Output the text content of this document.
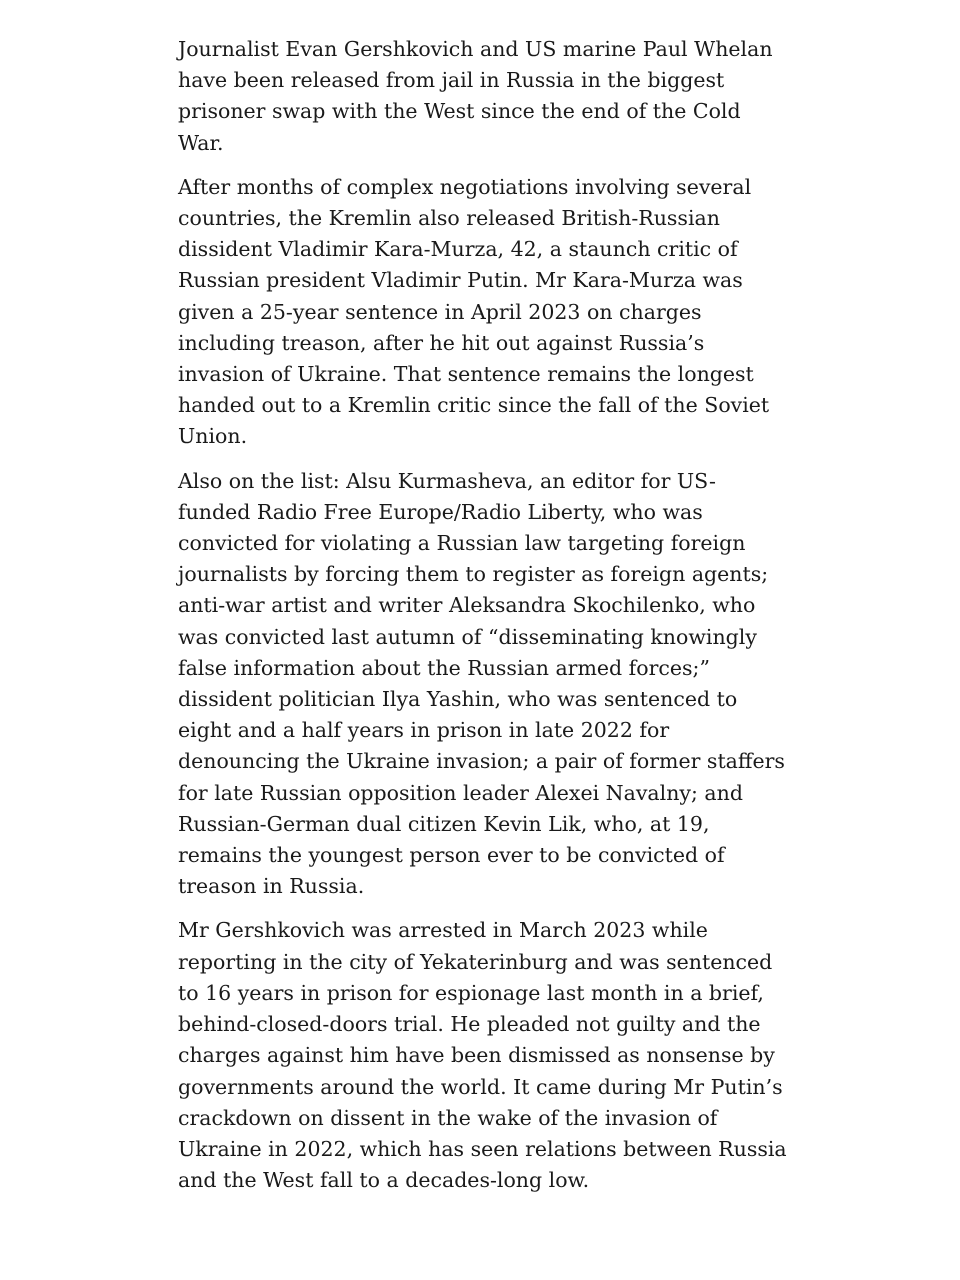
Journalist Evan Gershkovich and US marine Paul Whelan have been released from jail in Russia in the biggest prisoner swap with the West since the end of the Cold War.

After months of complex negotiations involving several countries, the Kremlin also released British-Russian dissident Vladimir Kara-Murza, 42, a staunch critic of Russian president Vladimir Putin. Mr Kara-Murza was given a 25-year sentence in April 2023 on charges including treason, after he hit out against Russia’s invasion of Ukraine. That sentence remains the longest handed out to a Kremlin critic since the fall of the Soviet Union.

Also on the list: Alsu Kurmasheva, an editor for US-funded Radio Free Europe/Radio Liberty, who was convicted for violating a Russian law targeting foreign journalists by forcing them to register as foreign agents; anti-war artist and writer Aleksandra Skochilenko, who was convicted last autumn of “disseminating knowingly false information about the Russian armed forces;” dissident politician Ilya Yashin, who was sentenced to eight and a half years in prison in late 2022 for denouncing the Ukraine invasion; a pair of former staffers for late Russian opposition leader Alexei Navalny; and Russian-German dual citizen Kevin Lik, who, at 19, remains the youngest person ever to be convicted of treason in Russia.

Mr Gershkovich was arrested in March 2023 while reporting in the city of Yekaterinburg and was sentenced to 16 years in prison for espionage last month in a brief, behind-closed-doors trial. He pleaded not guilty and the charges against him have been dismissed as nonsense by governments around the world. It came during Mr Putin’s crackdown on dissent in the wake of the invasion of Ukraine in 2022, which has seen relations between Russia and the West fall to a decades-long low.
